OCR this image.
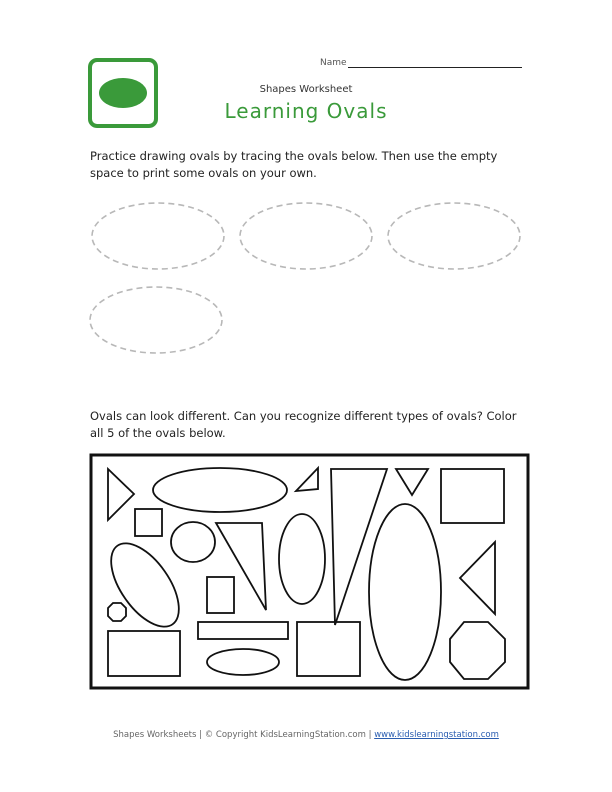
Name
Shapes Worksheet
Learning Ovals
Practice drawing ovals by tracing the ovals below. Then use the empty space to print some ovals on your own.
Ovals can look different. Can you recognize different types of ovals? Color all 5 of the ovals below.
Shapes Worksheets | © Copyright KidsLearningStation.com | www.kidslearningstation.com
